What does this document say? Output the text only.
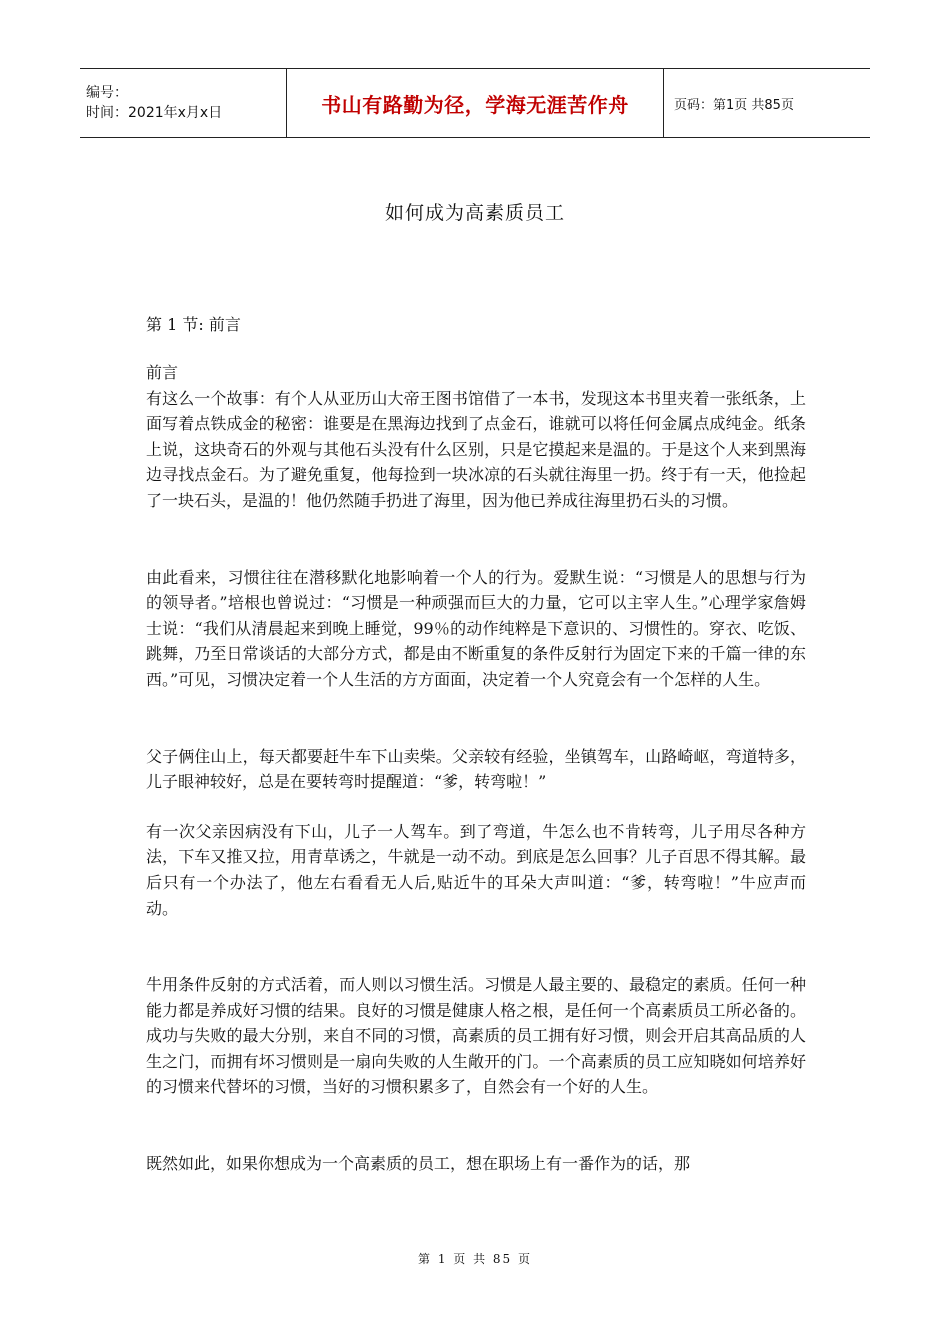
编号：
时间：2021年x月x日	书山有路勤为径，学海无涯苦作舟	页码：第1页 共85页
如何成为高素质员工
第 1 节: 前言

前言

有这么一个故事：有个人从亚历山大帝王图书馆借了一本书，发现这本书里夹着一张纸条，上面写着点铁成金的秘密：谁要是在黑海边找到了点金石，谁就可以将任何金属点成纯金。纸条上说，这块奇石的外观与其他石头没有什么区别，只是它摸起来是温的。于是这个人来到黑海边寻找点金石。为了避免重复，他每捡到一块冰凉的石头就往海里一扔。终于有一天，他捡起了一块石头，是温的！他仍然随手扔进了海里，因为他已养成往海里扔石头的习惯。

由此看来，习惯往往在潜移默化地影响着一个人的行为。爱默生说：“习惯是人的思想与行为的领导者。”培根也曾说过：“习惯是一种顽强而巨大的力量，它可以主宰人生。”心理学家詹姆士说：“我们从清晨起来到晚上睡觉，99％的动作纯粹是下意识的、习惯性的。穿衣、吃饭、跳舞，乃至日常谈话的大部分方式，都是由不断重复的条件反射行为固定下来的千篇一律的东西。”可见，习惯决定着一个人生活的方方面面，决定着一个人究竟会有一个怎样的人生。

父子俩住山上，每天都要赶牛车下山卖柴。父亲较有经验，坐镇驾车，山路崎岖，弯道特多，儿子眼神较好，总是在要转弯时提醒道：“爹，转弯啦！”

有一次父亲因病没有下山，儿子一人驾车。到了弯道，牛怎么也不肯转弯，儿子用尽各种方法，下车又推又拉，用青草诱之，牛就是一动不动。到底是怎么回事？儿子百思不得其解。最后只有一个办法了，他左右看看无人后,贴近牛的耳朵大声叫道：“爹，转弯啦！”牛应声而动。

牛用条件反射的方式活着，而人则以习惯生活。习惯是人最主要的、最稳定的素质。任何一种能力都是养成好习惯的结果。良好的习惯是健康人格之根，是任何一个高素质员工所必备的。成功与失败的最大分别，来自不同的习惯，高素质的员工拥有好习惯，则会开启其高品质的人生之门，而拥有坏习惯则是一扇向失败的人生敞开的门。一个高素质的员工应知晓如何培养好的习惯来代替坏的习惯，当好的习惯积累多了，自然会有一个好的人生。

既然如此，如果你想成为一个高素质的员工，想在职场上有一番作为的话，那

第 1 页 共 85 页
